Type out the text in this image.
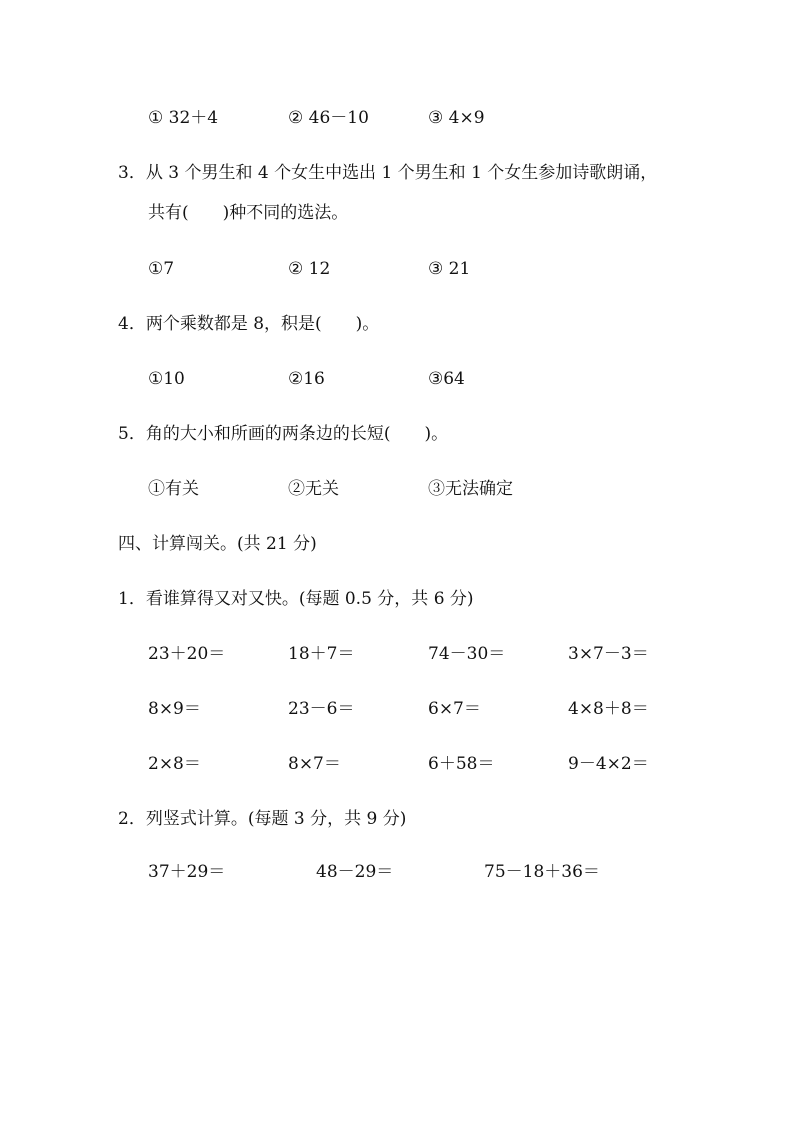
① 32＋4	② 46－10	③ 4×9
3．从 3 个男生和 4 个女生中选出 1 个男生和 1 个女生参加诗歌朗诵，
共有(　　)种不同的选法。
①7	② 12	③ 21
4．两个乘数都是 8，积是(　　)。
①10	②16	③64
5．角的大小和所画的两条边的长短(　　)。
①有关	②无关	③无法确定
四、计算闯关。(共 21 分)
1．看谁算得又对又快。(每题 0.5 分，共 6 分)
23＋20＝	18＋7＝	74－30＝	3×7－3＝
8×9＝	23－6＝	6×7＝	4×8＋8＝
2×8＝	8×7＝	6＋58＝	9－4×2＝
2．列竖式计算。(每题 3 分，共 9 分)
37＋29＝	48－29＝	75－18＋36＝
